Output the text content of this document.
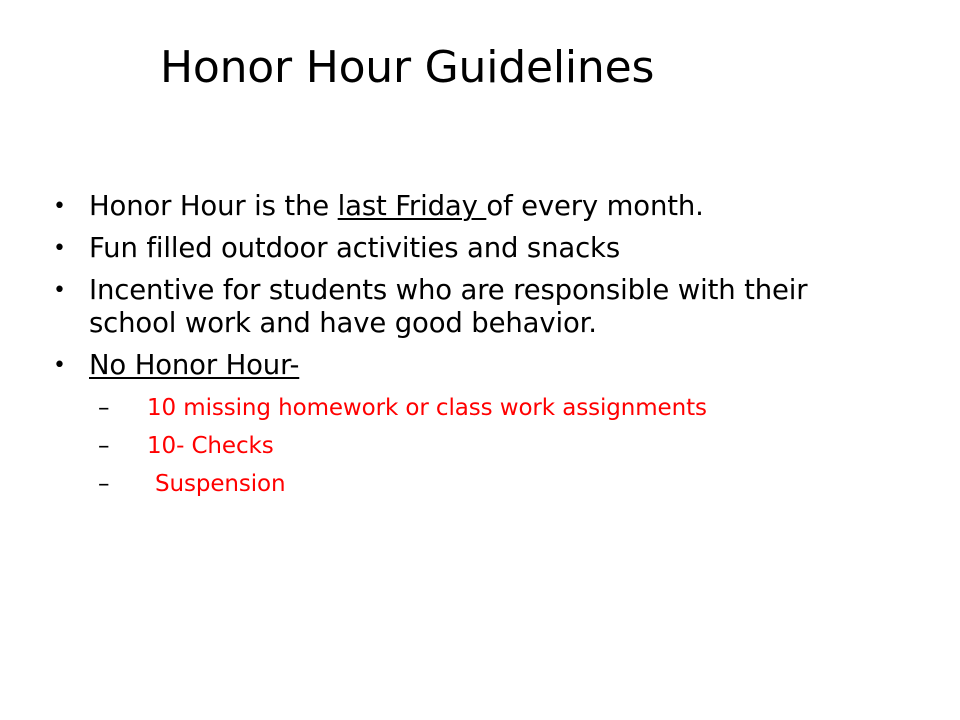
Honor Hour Guidelines
• Honor Hour is the last Friday of every month.
• Fun filled outdoor activities and snacks
• Incentive for students who are responsible with their school work and have good behavior.
• No Honor Hour-
– 10 missing homework or class work assignments
– 10- Checks
– Suspension
